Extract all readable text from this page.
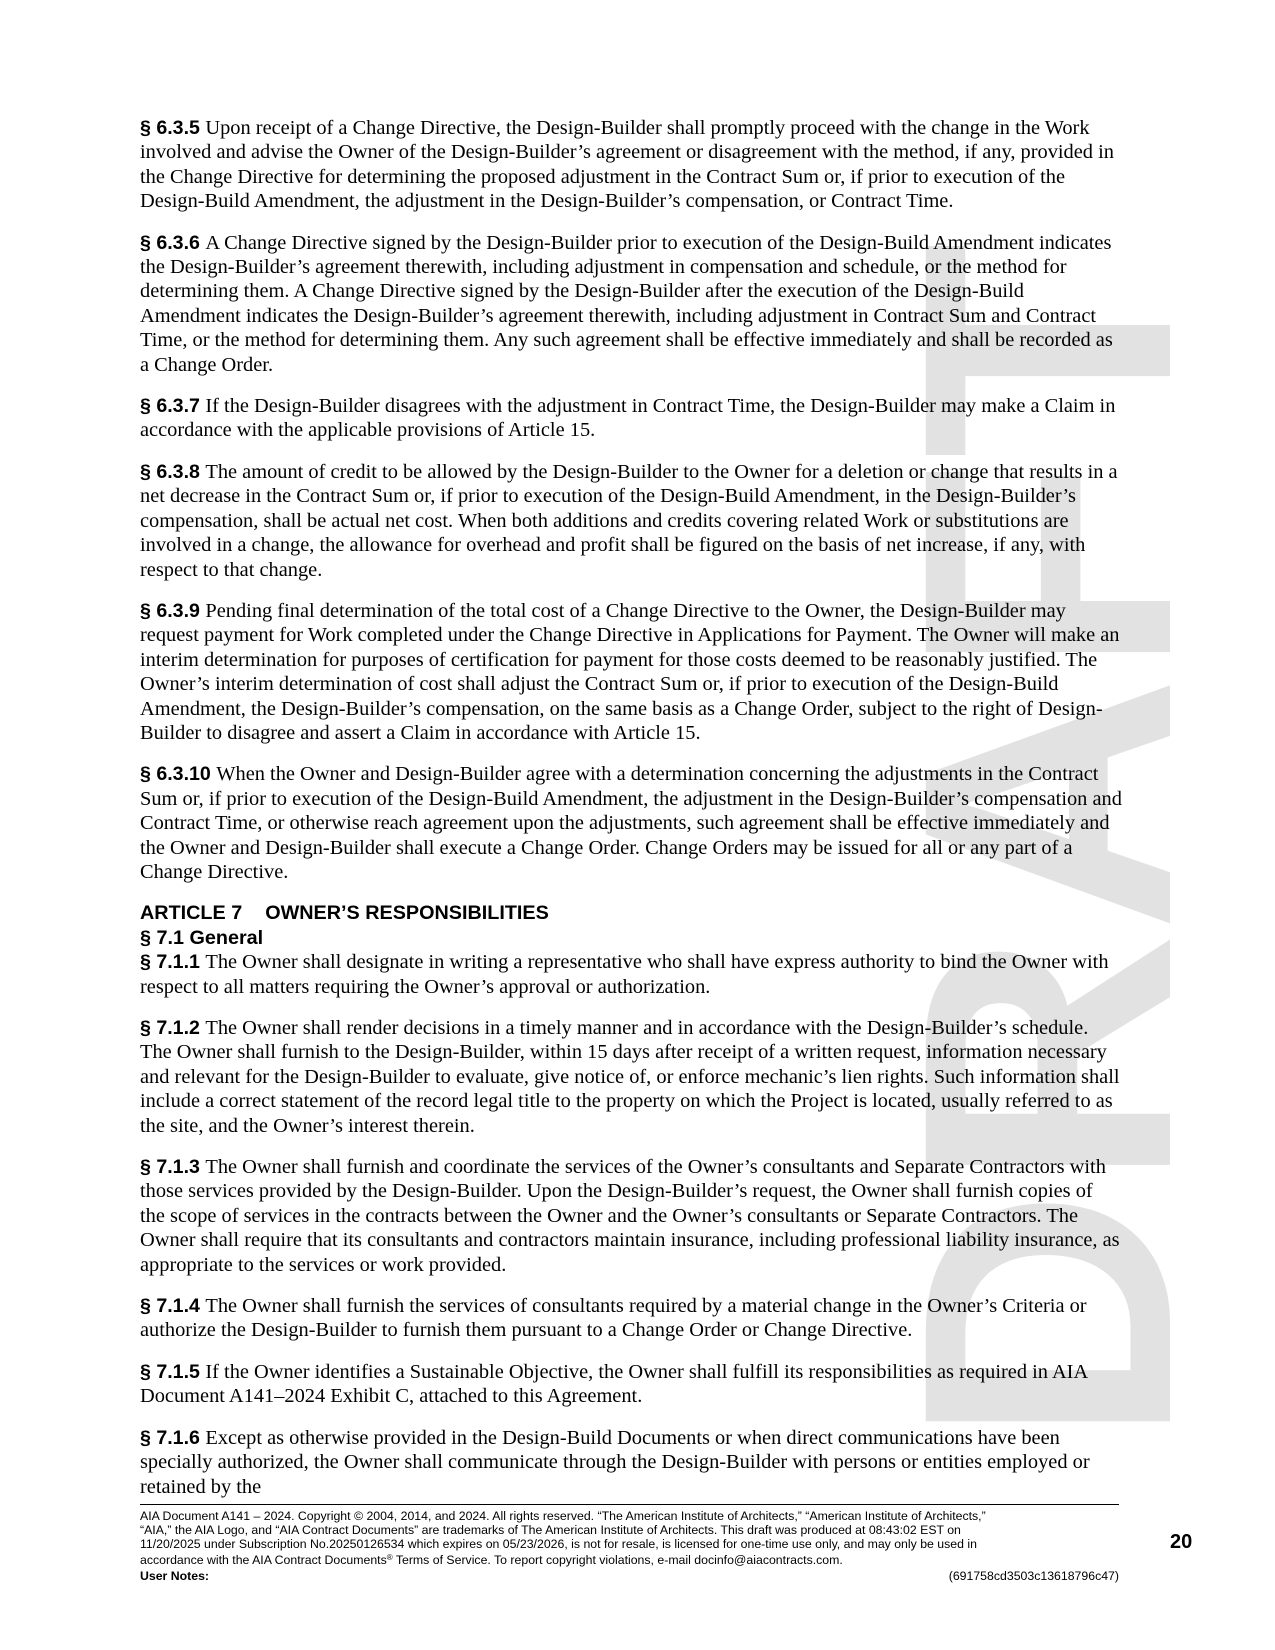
DRAFT
§ 6.3.5 Upon receipt of a Change Directive, the Design-Builder shall promptly proceed with the change in the Work involved and advise the Owner of the Design-Builder’s agreement or disagreement with the method, if any, provided in the Change Directive for determining the proposed adjustment in the Contract Sum or, if prior to execution of the Design-Build Amendment, the adjustment in the Design-Builder’s compensation, or Contract Time.
§ 6.3.6 A Change Directive signed by the Design-Builder prior to execution of the Design-Build Amendment indicates the Design-Builder’s agreement therewith, including adjustment in compensation and schedule, or the method for determining them. A Change Directive signed by the Design-Builder after the execution of the Design-Build Amendment indicates the Design-Builder’s agreement therewith, including adjustment in Contract Sum and Contract Time, or the method for determining them. Any such agreement shall be effective immediately and shall be recorded as a Change Order.
§ 6.3.7 If the Design-Builder disagrees with the adjustment in Contract Time, the Design-Builder may make a Claim in accordance with the applicable provisions of Article 15.
§ 6.3.8 The amount of credit to be allowed by the Design-Builder to the Owner for a deletion or change that results in a net decrease in the Contract Sum or, if prior to execution of the Design-Build Amendment, in the Design-Builder’s compensation, shall be actual net cost. When both additions and credits covering related Work or substitutions are involved in a change, the allowance for overhead and profit shall be figured on the basis of net increase, if any, with respect to that change.
§ 6.3.9 Pending final determination of the total cost of a Change Directive to the Owner, the Design-Builder may request payment for Work completed under the Change Directive in Applications for Payment. The Owner will make an interim determination for purposes of certification for payment for those costs deemed to be reasonably justified. The Owner’s interim determination of cost shall adjust the Contract Sum or, if prior to execution of the Design-Build Amendment, the Design-Builder’s compensation, on the same basis as a Change Order, subject to the right of Design-Builder to disagree and assert a Claim in accordance with Article 15.
§ 6.3.10 When the Owner and Design-Builder agree with a determination concerning the adjustments in the Contract Sum or, if prior to execution of the Design-Build Amendment, the adjustment in the Design-Builder’s compensation and Contract Time, or otherwise reach agreement upon the adjustments, such agreement shall be effective immediately and the Owner and Design-Builder shall execute a Change Order. Change Orders may be issued for all or any part of a Change Directive.
ARTICLE 7 OWNER’S RESPONSIBILITIES
§ 7.1 General
§ 7.1.1 The Owner shall designate in writing a representative who shall have express authority to bind the Owner with respect to all matters requiring the Owner’s approval or authorization.
§ 7.1.2 The Owner shall render decisions in a timely manner and in accordance with the Design-Builder’s schedule. The Owner shall furnish to the Design-Builder, within 15 days after receipt of a written request, information necessary and relevant for the Design-Builder to evaluate, give notice of, or enforce mechanic’s lien rights. Such information shall include a correct statement of the record legal title to the property on which the Project is located, usually referred to as the site, and the Owner’s interest therein.
§ 7.1.3 The Owner shall furnish and coordinate the services of the Owner’s consultants and Separate Contractors with those services provided by the Design-Builder. Upon the Design-Builder’s request, the Owner shall furnish copies of the scope of services in the contracts between the Owner and the Owner’s consultants or Separate Contractors. The Owner shall require that its consultants and contractors maintain insurance, including professional liability insurance, as appropriate to the services or work provided.
§ 7.1.4 The Owner shall furnish the services of consultants required by a material change in the Owner’s Criteria or authorize the Design-Builder to furnish them pursuant to a Change Order or Change Directive.
§ 7.1.5 If the Owner identifies a Sustainable Objective, the Owner shall fulfill its responsibilities as required in AIA Document A141–2024 Exhibit C, attached to this Agreement.
§ 7.1.6 Except as otherwise provided in the Design-Build Documents or when direct communications have been specially authorized, the Owner shall communicate through the Design-Builder with persons or entities employed or retained by the
AIA Document A141 – 2024. Copyright © 2004, 2014, and 2024. All rights reserved. “The American Institute of Architects,” “American Institute of Architects,”
“AIA,” the AIA Logo, and “AIA Contract Documents” are trademarks of The American Institute of Architects. This draft was produced at 08:43:02 EST on
11/20/2025 under Subscription No.20250126534 which expires on 05/23/2026, is not for resale, is licensed for one-time use only, and may only be used in
accordance with the AIA Contract Documents® Terms of Service. To report copyright violations, e-mail docinfo@aiacontracts.com.
User Notes:	(691758cd3503c13618796c47)
20
